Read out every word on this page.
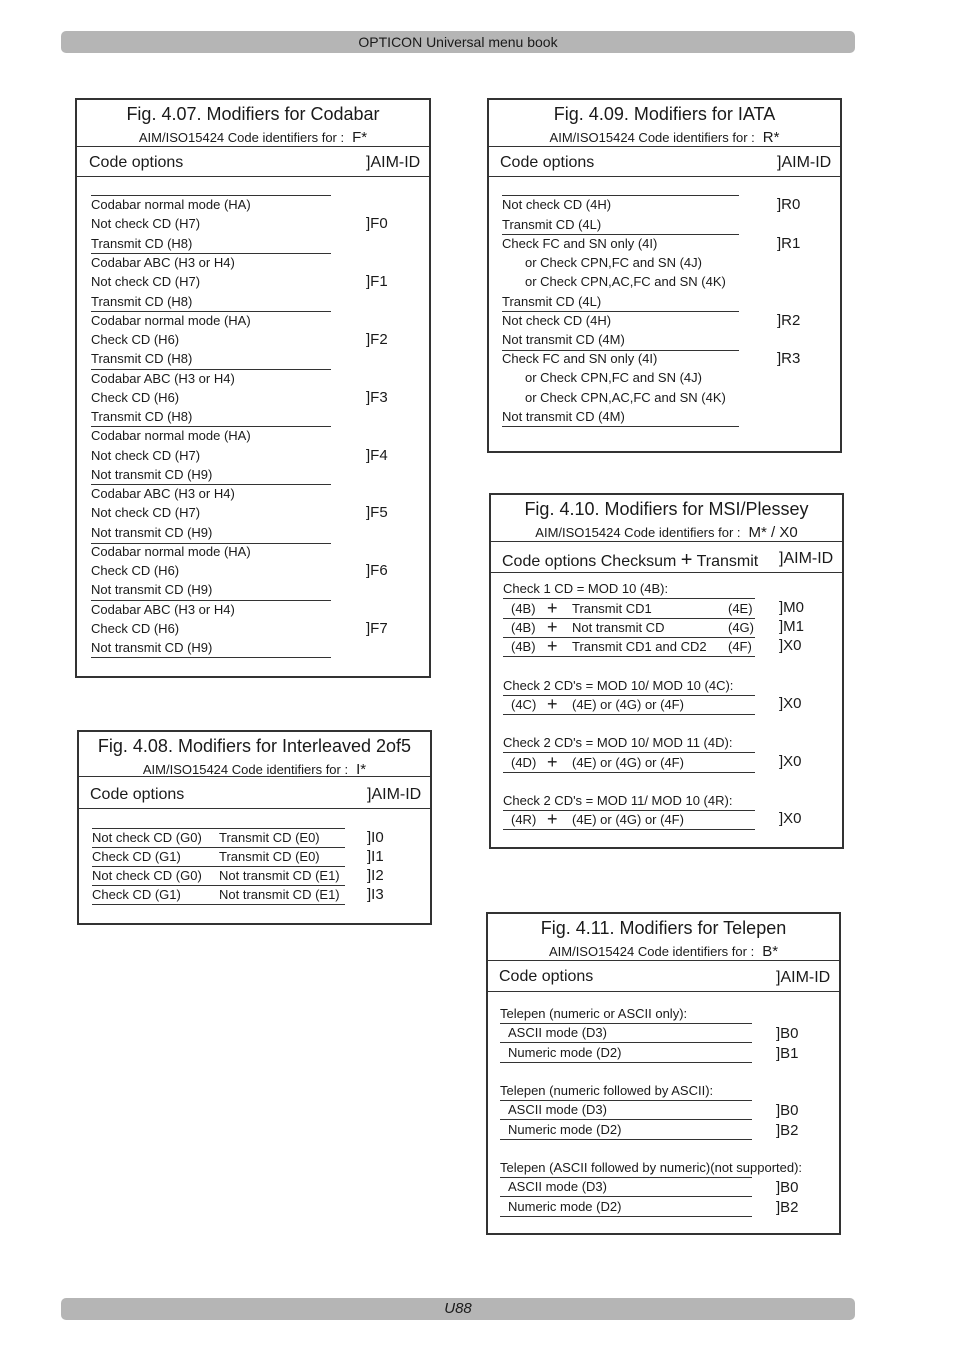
OPTICON Universal menu book
Fig. 4.07. Modifiers for Codabar
AIM/ISO15424 Code identifiers for : F*
Code options	]AIM-ID
Codabar normal mode (HA)
Not check CD (H7)
Transmit CD (H8)
]F0
Codabar ABC (H3 or H4)
Not check CD (H7)
Transmit CD (H8)
]F1
Codabar normal mode (HA)
Check CD (H6)
Transmit CD (H8)
]F2
Codabar ABC (H3 or H4)
Check CD (H6)
Transmit CD (H8)
]F3
Codabar normal mode (HA)
Not check CD (H7)
Not transmit CD (H9)
]F4
Codabar ABC (H3 or H4)
Not check CD (H7)
Not transmit CD (H9)
]F5
Codabar normal mode (HA)
Check CD (H6)
Not transmit CD (H9)
]F6
Codabar ABC (H3 or H4)
Check CD (H6)
Not transmit CD (H9)
]F7
Fig. 4.08. Modifiers for Interleaved 2of5
AIM/ISO15424 Code identifiers for : I*
Code options	]AIM-ID
Not check CD (G0) Transmit CD (E0)	]I0
Check CD (G1)	Transmit CD (E0)	]I1
Not check CD (G0) Not transmit CD (E1) ]I2
Check CD (G1)	Not transmit CD (E1) ]I3
Fig. 4.09. Modifiers for IATA
AIM/ISO15424 Code identifiers for : R*
Code options	]AIM-ID
Not check CD (4H)
Transmit CD (4L)
]R0
Check FC and SN only (4I)
or Check CPN,FC and SN (4J)
or Check CPN,AC,FC and SN (4K)
Transmit CD (4L)
]R1
Not check CD (4H)
Not transmit CD (4M)
]R2
Check FC and SN only (4I)
or Check CPN,FC and SN (4J)
or Check CPN,AC,FC and SN (4K)
Not transmit CD (4M)
]R3
Fig. 4.10. Modifiers for MSI/Plessey
AIM/ISO15424 Code identifiers for : M* / X0
Code options Checksum + Transmit ]AIM-ID
Check 1 CD = MOD 10 (4B):
(4B) + Transmit CD1	(4E) ]M0
(4B) + Not transmit CD	(4G) ]M1
(4B) + Transmit CD1 and CD2 (4F) ]X0
Check 2 CD's = MOD 10/ MOD 10 (4C):
(4C) + (4E) or (4G) or (4F)	]X0
Check 2 CD's = MOD 10/ MOD 11 (4D):
(4D) + (4E) or (4G) or (4F)	]X0
Check 2 CD's = MOD 11/ MOD 10 (4R):
(4R) + (4E) or (4G) or (4F)	]X0
Fig. 4.11. Modifiers for Telepen
AIM/ISO15424 Code identifiers for : B*
Code options	]AIM-ID
Telepen (numeric or ASCII only):
ASCII mode (D3)	]B0
Numeric mode (D2)	]B1
Telepen (numeric followed by ASCII):
ASCII mode (D3)	]B0
Numeric mode (D2)	]B2
Telepen (ASCII followed by numeric)(not supported):
ASCII mode (D3)	]B0
Numeric mode (D2)	]B2
U88
